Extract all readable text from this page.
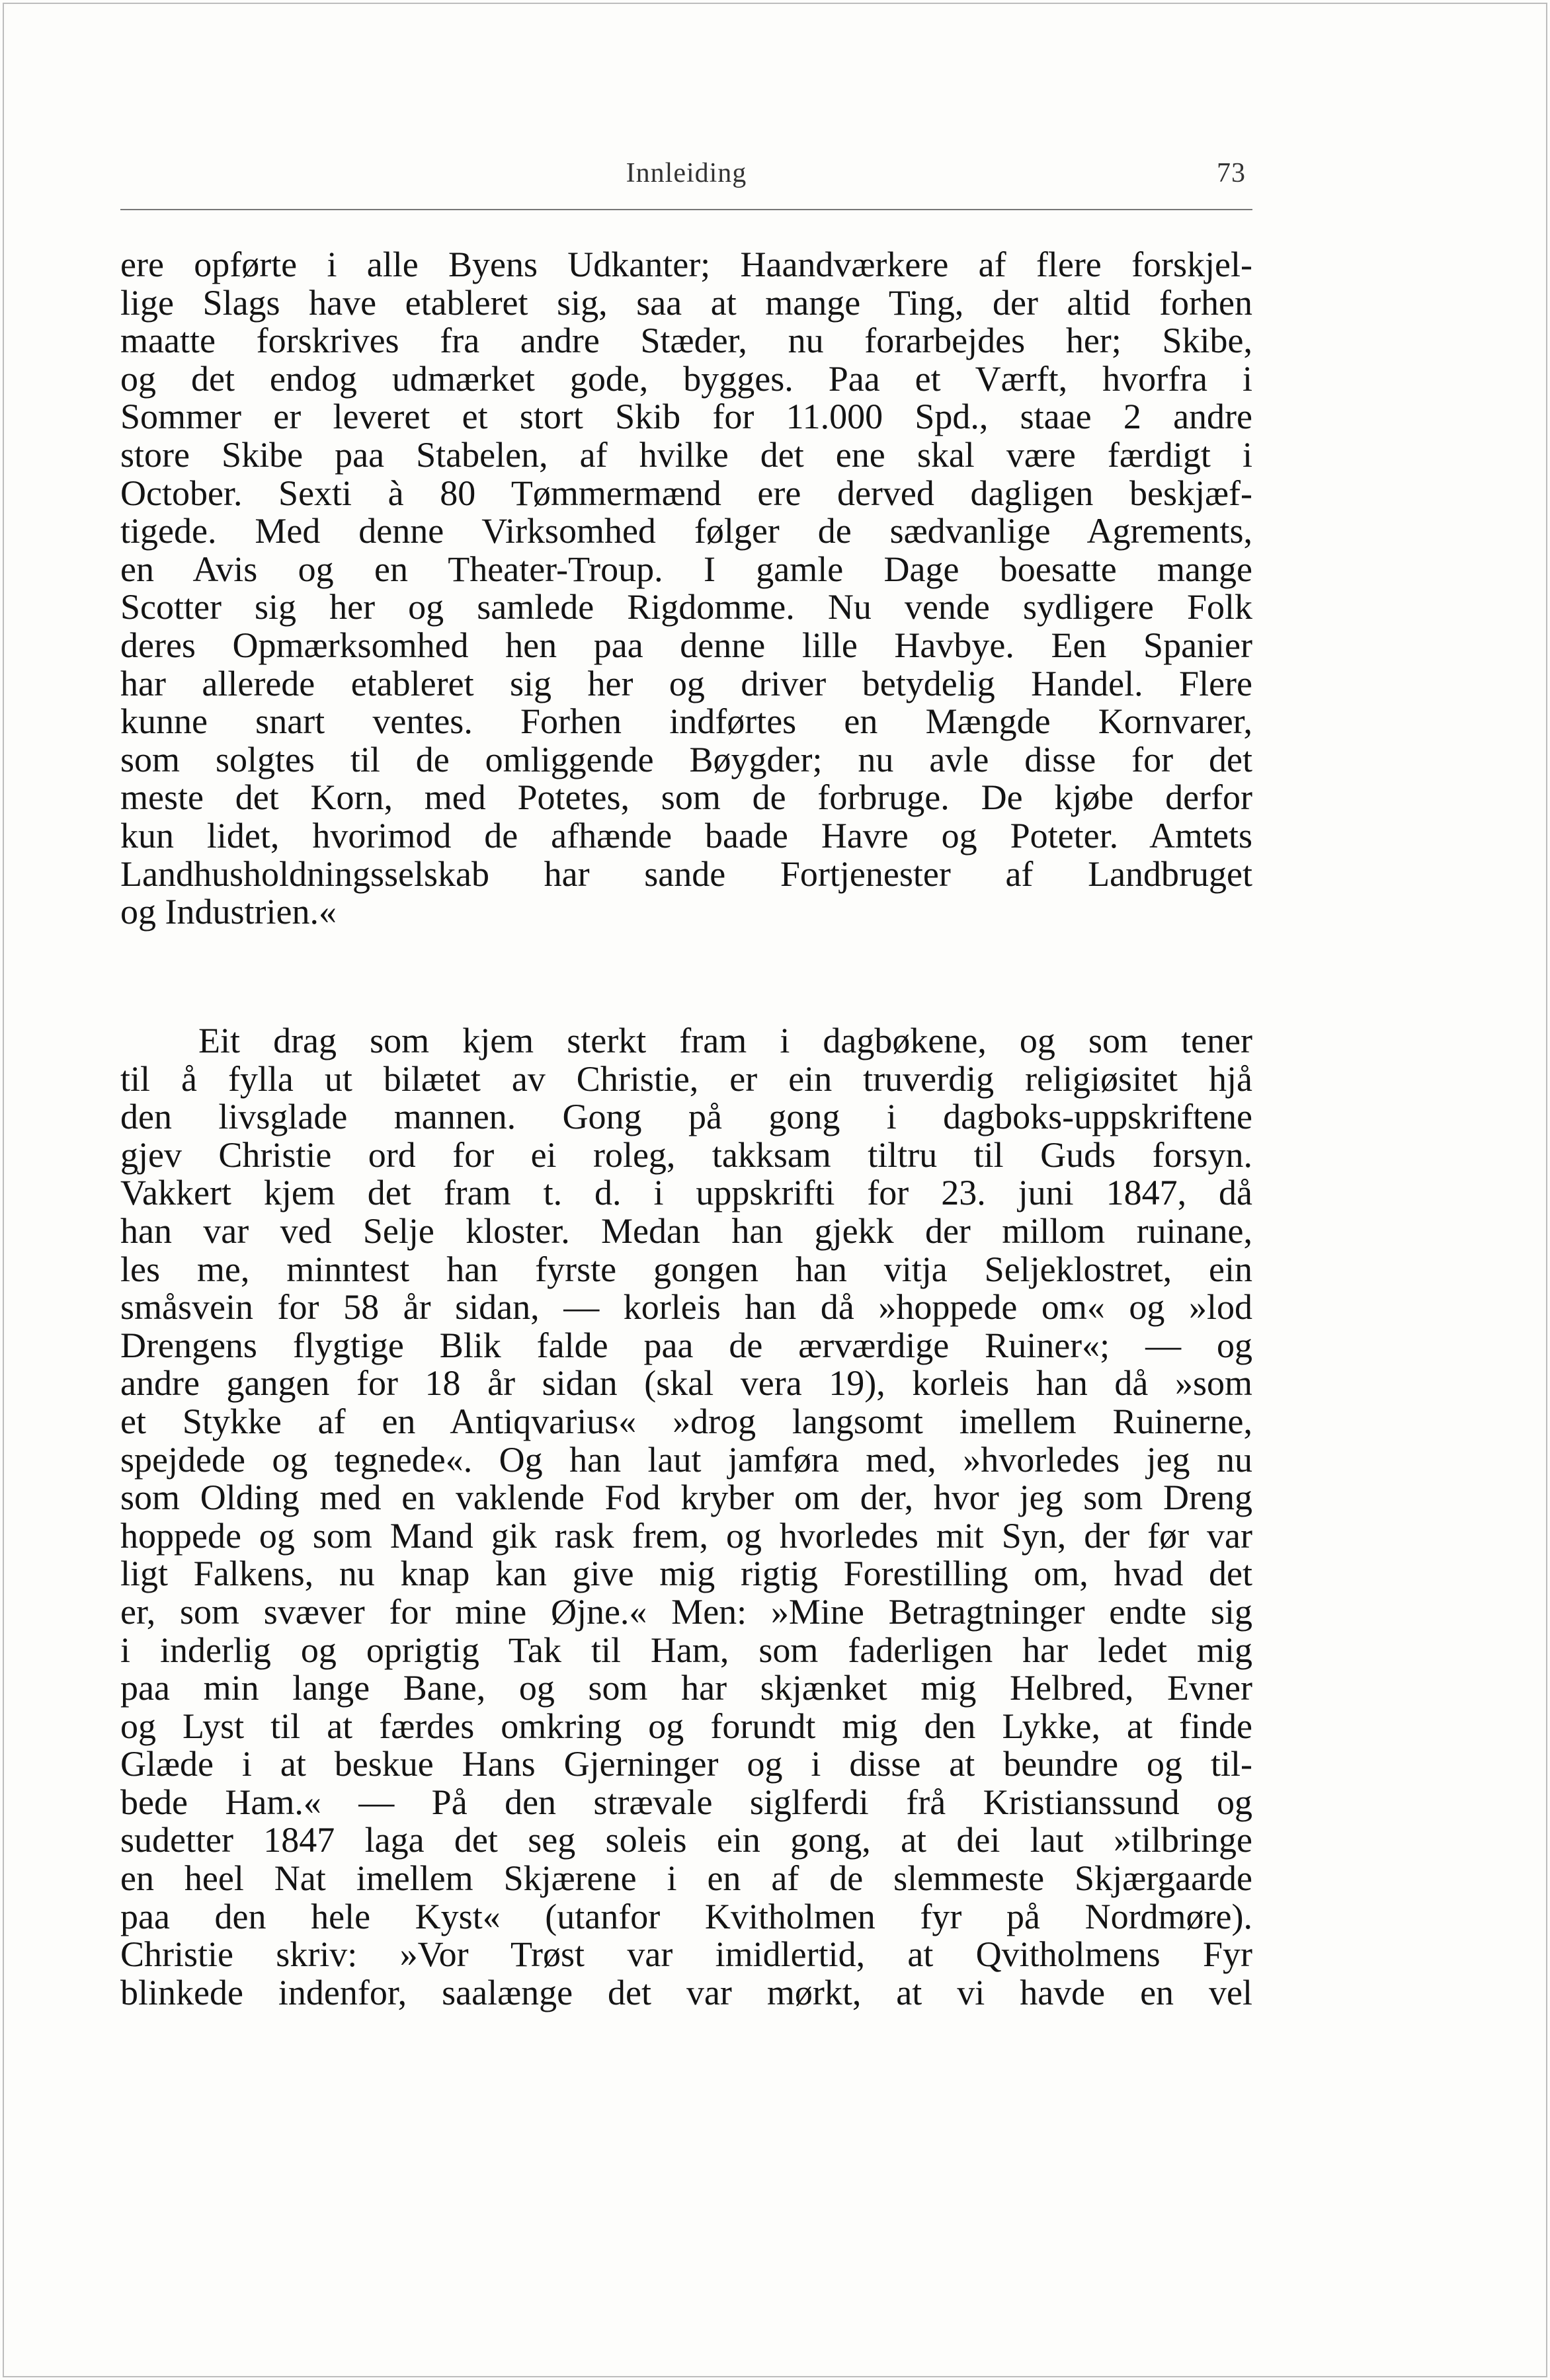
Innleiding	73

ere opførte i alle Byens Udkanter; Haandværkere af flere forskjel-
lige Slags have etableret sig, saa at mange Ting, der altid forhen
maatte forskrives fra andre Stæder, nu forarbejdes her; Skibe,
og det endog udmærket gode, bygges. Paa et Værft, hvorfra i
Sommer er leveret et stort Skib for 11.000 Spd., staae 2 andre
store Skibe paa Stabelen, af hvilke det ene skal være færdigt i
October. Sexti à 80 Tømmermænd ere derved dagligen beskjæf-
tigede. Med denne Virksomhed følger de sædvanlige Agrements,
en Avis og en Theater-Troup. I gamle Dage boesatte mange
Scotter sig her og samlede Rigdomme. Nu vende sydligere Folk
deres Opmærksomhed hen paa denne lille Havbye. Een Spanier
har allerede etableret sig her og driver betydelig Handel. Flere
kunne snart ventes. Forhen indførtes en Mængde Kornvarer,
som solgtes til de omliggende Bøygder; nu avle disse for det
meste det Korn, med Potetes, som de forbruge. De kjøbe derfor
kun lidet, hvorimod de afhænde baade Havre og Poteter. Amtets
Landhusholdningsselskab har sande Fortjenester af Landbruget
og Industrien.«

Eit drag som kjem sterkt fram i dagbøkene, og som tener
til å fylla ut bilætet av Christie, er ein truverdig religiøsitet hjå
den livsglade mannen. Gong på gong i dagboks-uppskriftene
gjev Christie ord for ei roleg, takksam tiltru til Guds forsyn.
Vakkert kjem det fram t. d. i uppskrifti for 23. juni 1847, då
han var ved Selje kloster. Medan han gjekk der millom ruinane,
les me, minntest han fyrste gongen han vitja Seljeklostret, ein
småsvein for 58 år sidan, — korleis han då »hoppede om« og »lod
Drengens flygtige Blik falde paa de ærværdige Ruiner«; — og
andre gangen for 18 år sidan (skal vera 19), korleis han då »som
et Stykke af en Antiqvarius« »drog langsomt imellem Ruinerne,
spejdede og tegnede«. Og han laut jamføra med, »hvorledes jeg nu
som Olding med en vaklende Fod kryber om der, hvor jeg som Dreng
hoppede og som Mand gik rask frem, og hvorledes mit Syn, der før var
ligt Falkens, nu knap kan give mig rigtig Forestilling om, hvad det
er, som svæver for mine Øjne.« Men: »Mine Betragtninger endte sig
i inderlig og oprigtig Tak til Ham, som faderligen har ledet mig
paa min lange Bane, og som har skjænket mig Helbred, Evner
og Lyst til at færdes omkring og forundt mig den Lykke, at finde
Glæde i at beskue Hans Gjerninger og i disse at beundre og til-
bede Ham.« — På den strævale siglferdi frå Kristianssund og
sudetter 1847 laga det seg soleis ein gong, at dei laut »tilbringe
en heel Nat imellem Skjærene i en af de slemmeste Skjærgaarde
paa den hele Kyst« (utanfor Kvitholmen fyr på Nordmøre).
Christie skriv: »Vor Trøst var imidlertid, at Qvitholmens Fyr
blinkede indenfor, saalænge det var mørkt, at vi havde en vel
